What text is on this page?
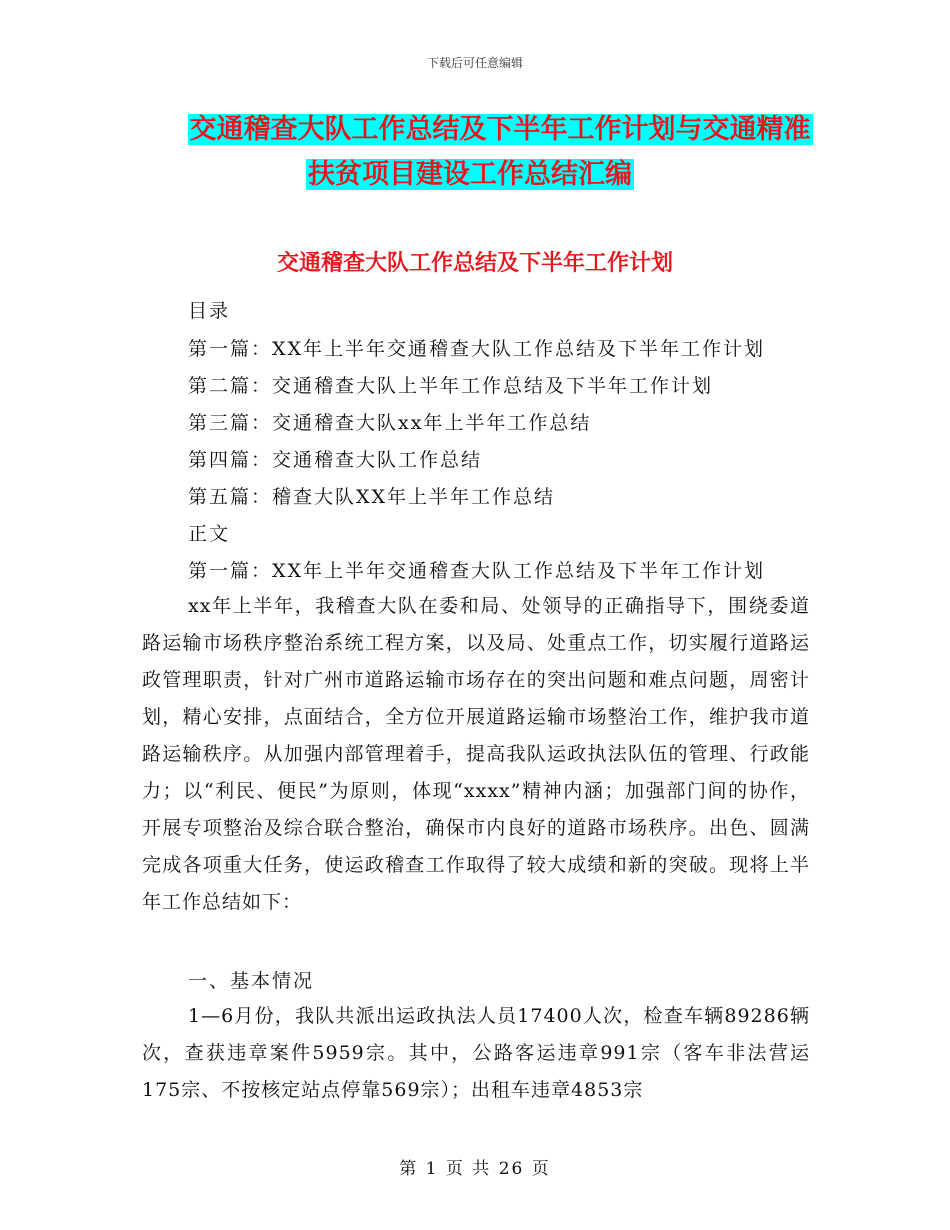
下载后可任意编辑
交通稽查大队工作总结及下半年工作计划与交通精准
扶贫项目建设工作总结汇编
交通稽查大队工作总结及下半年工作计划
目录
第一篇：XX年上半年交通稽查大队工作总结及下半年工作计划
第二篇：交通稽查大队上半年工作总结及下半年工作计划
第三篇：交通稽查大队xx年上半年工作总结
第四篇：交通稽查大队工作总结
第五篇：稽查大队XX年上半年工作总结
正文
第一篇：XX年上半年交通稽查大队工作总结及下半年工作计划
xx年上半年，我稽查大队在委和局、处领导的正确指导下，围绕委道路运输市场秩序整治系统工程方案，以及局、处重点工作，切实履行道路运政管理职责，针对广州市道路运输市场存在的突出问题和难点问题，周密计划，精心安排，点面结合，全方位开展道路运输市场整治工作，维护我市道路运输秩序。从加强内部管理着手，提高我队运政执法队伍的管理、行政能力；以“利民、便民”为原则，体现“xxxx”精神内涵；加强部门间的协作，开展专项整治及综合联合整治，确保市内良好的道路市场秩序。出色、圆满完成各项重大任务，使运政稽查工作取得了较大成绩和新的突破。现将上半年工作总结如下：
一、基本情况
1—6月份，我队共派出运政执法人员17400人次，检查车辆89286辆次，查获违章案件5959宗。其中，公路客运违章991宗（客车非法营运175宗、不按核定站点停靠569宗）；出租车违章4853宗
第 1 页 共 26 页
